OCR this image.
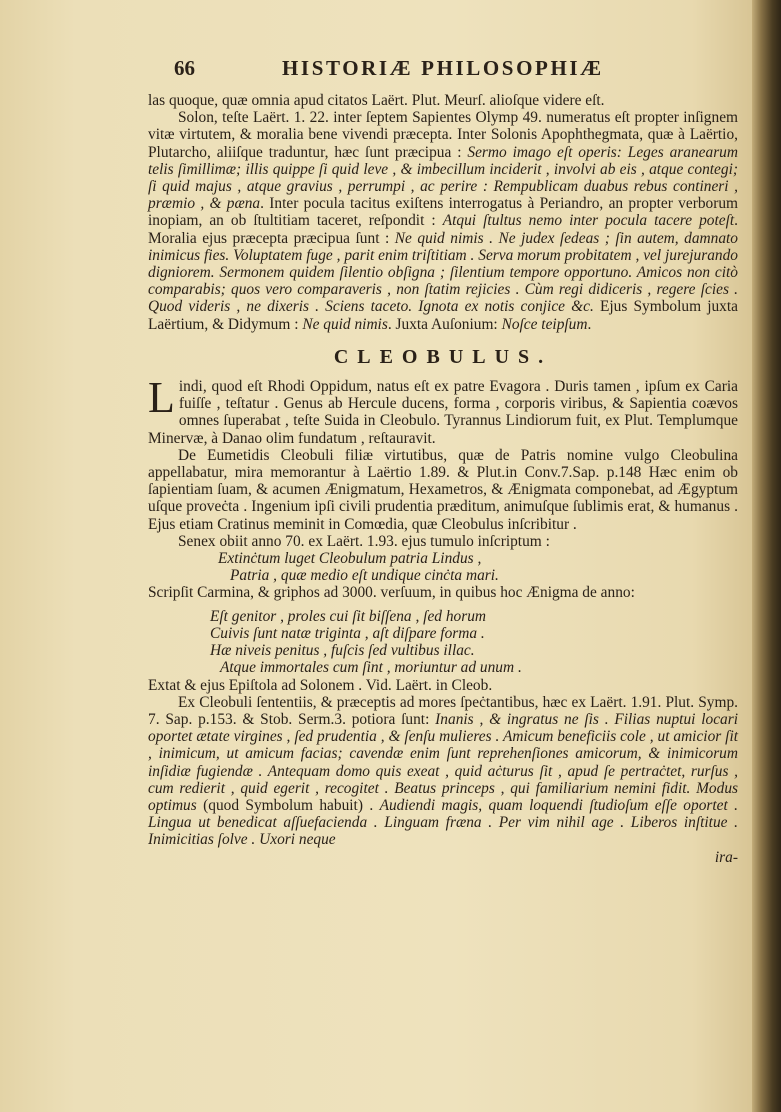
66	HISTORIÆ PHILOSOPHIÆ

las quoque, quæ omnia apud citatos Laërt. Plut. Meurſ. alioſque videre eſt.

Solon, teſte Laërt. 1. 22. inter ſeptem Sapientes Olymp 49. numeratus eſt propter inſignem vitæ virtutem, & moralia bene vivendi præcepta. Inter Solonis Apophthegmata, quæ à Laërtio, Plutarcho, aliiſque traduntur, hæc ſunt præcipua : Sermo imago eſt operis: Leges aranearum telis ſimillimæ; illis quippe ſi quid leve , & imbecillum inciderit , involvi ab eis , atque contegi; ſi quid majus , atque gravius , perrumpi , ac perire : Rempublicam duabus rebus contineri , præmio , & pæna. Inter pocula tacitus exiſtens interrogatus à Periandro, an propter verborum inopiam, an ob ſtultitiam taceret, reſpondit : Atqui ſtultus nemo inter pocula tacere poteſt. Moralia ejus præcepta præcipua ſunt : Ne quid nimis . Ne judex ſedeas ; ſin autem, damnato inimicus fies. Voluptatem fuge , parit enim triſtitiam . Serva morum probitatem , vel jurejurando digniorem. Sermonem quidem ſilentio obſigna ; ſilentium tempore opportuno. Amicos non citò comparabis; quos vero comparaveris , non ſtatim rejicies . Cùm regi didiceris , regere ſcies . Quod videris , ne dixeris . Sciens taceto. Ignota ex notis conjice &c. Ejus Symbolum juxta Laërtium, & Didymum : Ne quid nimis. Juxta Auſonium: Noſce teipſum.

CLEOBULUS.

Lindi, quod eſt Rhodi Oppidum, natus eſt ex patre Evagora . Duris tamen , ipſum ex Caria fuiſſe , teſtatur . Genus ab Hercule ducens, forma , corporis viribus, & Sapientia coævos omnes ſuperabat , teſte Suida in Cleobulo. Tyrannus Lindiorum fuit, ex Plut. Templumque Minervæ, à Danao olim fundatum , reſtauravit.

De Eumetidis Cleobuli filiæ virtutibus, quæ de Patris nomine vulgo Cleobulina appellabatur, mira memorantur à Laërtio 1.89. & Plut.in Conv.7.Sap. p.148 Hæc enim ob ſapientiam ſuam, & acumen Ænigmatum, Hexametros, & Ænigmata componebat, ad Ægyptum uſque proveċta . Ingenium ipſi civili prudentia præditum, animuſque ſublimis erat, & humanus . Ejus etiam Cratinus meminit in Comœdia, quæ Cleobulus inſcribitur .

Senex obiit anno 70. ex Laërt. 1.93. ejus tumulo inſcriptum :

Extinċtum luget Cleobulum patria Lindus ,

Patria , quæ medio eſt undique cinċta mari.

Scripſit Carmina, & griphos ad 3000. verſuum, in quibus hoc Ænigma de anno:

Eſt genitor , proles cui ſit biſſena , ſed horum

Cuivis ſunt natæ triginta , aſt diſpare forma .

Hæ niveis penitus , fuſcis ſed vultibus illac.

Atque immortales cum ſint , moriuntur ad unum .

Extat & ejus Epiſtola ad Solonem . Vid. Laërt. in Cleob.

Ex Cleobuli ſententiis, & præceptis ad mores ſpeċtantibus, hæc ex Laërt. 1.91. Plut. Symp. 7. Sap. p.153. & Stob. Serm.3. potiora ſunt: Inanis , & ingratus ne ſis . Filias nuptui locari oportet ætate virgines , ſed prudentia , & ſenſu mulieres . Amicum beneficiis cole , ut amicior ſit , inimicum, ut amicum facias; cavendæ enim ſunt reprehenſiones amicorum, & inimicorum inſidiæ fugiendæ . Antequam domo quis exeat , quid aċturus ſit , apud ſe pertraċtet, rurſus , cum redierit , quid egerit , recogitet . Beatus princeps , qui familiarium nemini fidit. Modus optimus (quod Symbolum habuit) . Audiendi magis, quam loquendi ſtudioſum eſſe oportet . Lingua ut benedicat aſſuefacienda . Linguam fræna . Per vim nihil age . Liberos inſtitue . Inimicitias ſolve . Uxori neque

ira-
